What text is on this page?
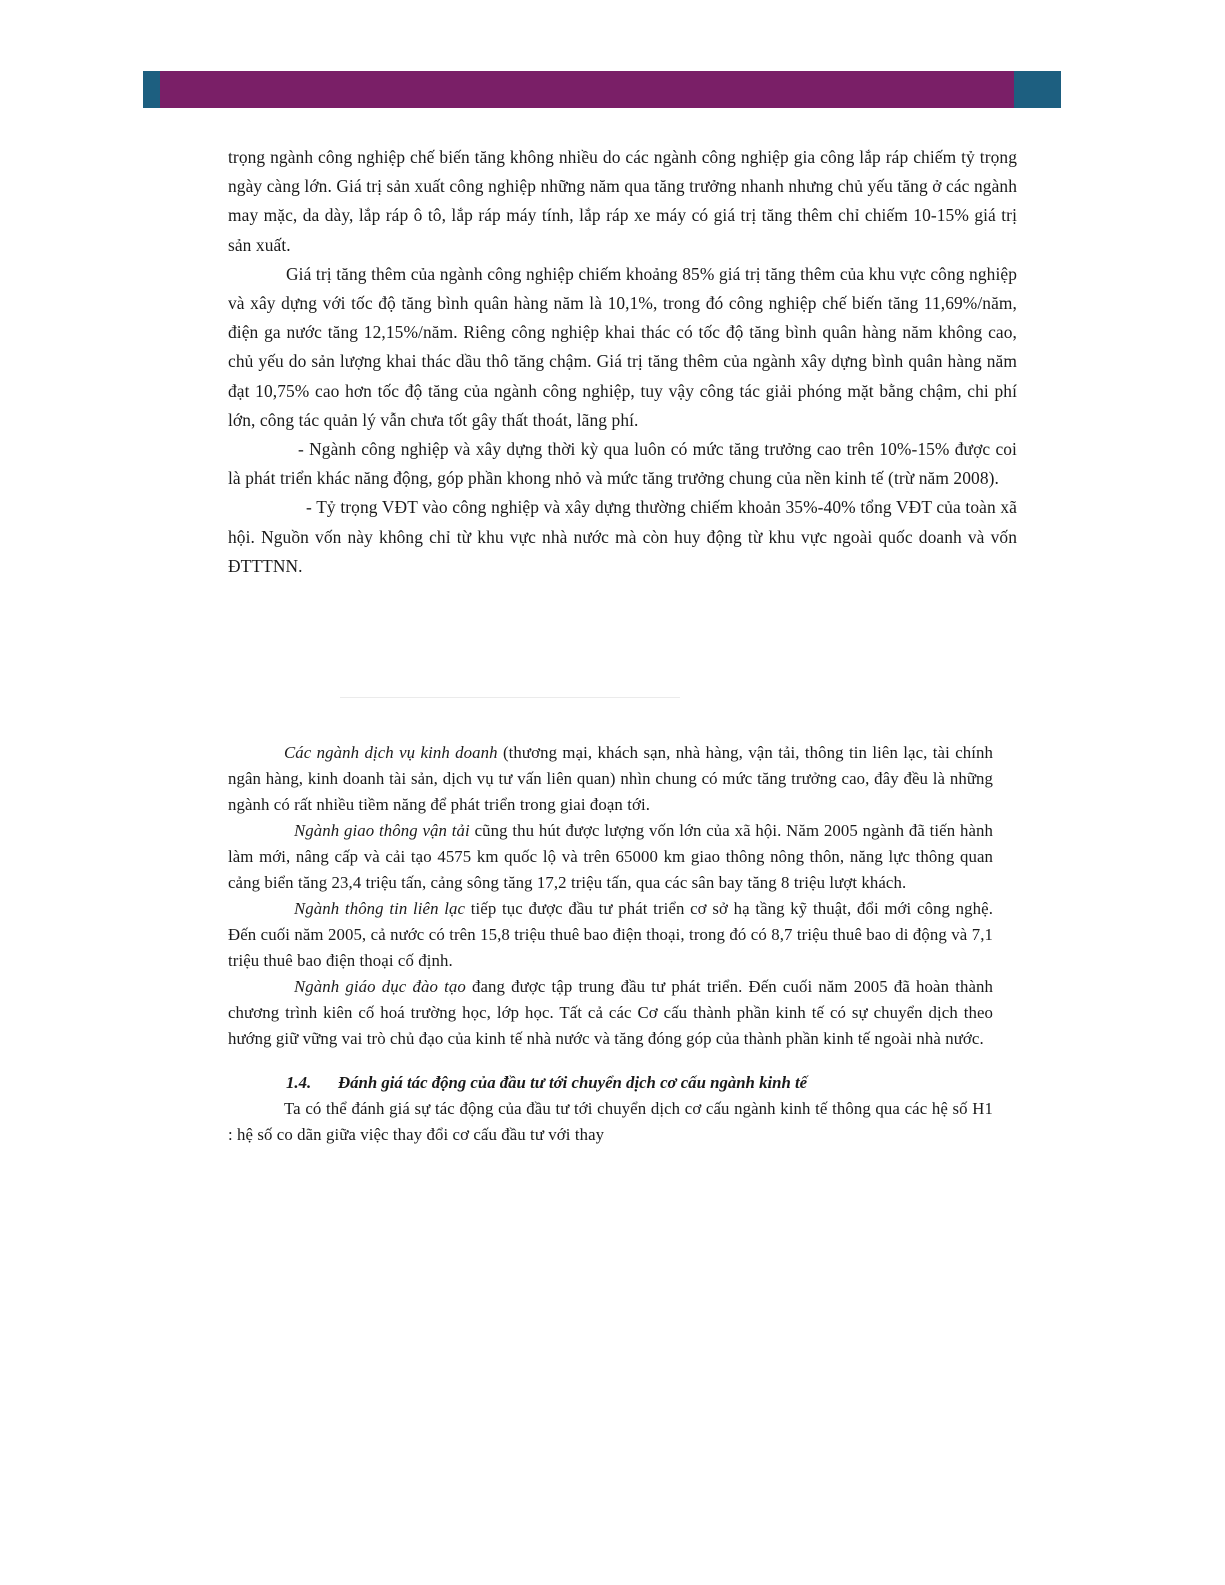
trọng ngành công nghiệp chế biến tăng không nhiều do các ngành công nghiệp gia công lắp ráp chiếm tỷ trọng ngày càng lớn. Giá trị sản xuất công nghiệp những năm qua tăng trưởng nhanh nhưng chủ yếu tăng ở các ngành may mặc, da dày, lắp ráp ô tô, lắp ráp máy tính, lắp ráp xe máy có giá trị tăng thêm chỉ chiếm 10-15% giá trị sản xuất.

Giá trị tăng thêm của ngành công nghiệp chiếm khoảng 85% giá trị tăng thêm của khu vực công nghiệp và xây dựng với tốc độ tăng bình quân hàng năm là 10,1%, trong đó công nghiệp chế biến tăng 11,69%/năm, điện ga nước tăng 12,15%/năm. Riêng công nghiệp khai thác có tốc độ tăng bình quân hàng năm không cao, chủ yếu do sản lượng khai thác dầu thô tăng chậm. Giá trị tăng thêm của ngành xây dựng bình quân hàng năm đạt 10,75% cao hơn tốc độ tăng của ngành công nghiệp, tuy vậy công tác giải phóng mặt bằng chậm, chi phí lớn, công tác quản lý vẫn chưa tốt gây thất thoát, lãng phí.

- Ngành công nghiệp và xây dựng thời kỳ qua luôn có mức tăng trưởng cao trên 10%-15% được coi là phát triển khác năng động, góp phần khong nhỏ và mức tăng trưởng chung của nền kinh tế (trừ năm 2008).

- Tỷ trọng VĐT vào công nghiệp và xây dựng thường chiếm khoản 35%-40% tổng VĐT của toàn xã hội. Nguồn vốn này không chỉ từ khu vực nhà nước mà còn huy động từ khu vực ngoài quốc doanh và vốn ĐTTTNN.

Các ngành dịch vụ kinh doanh (thương mại, khách sạn, nhà hàng, vận tải, thông tin liên lạc, tài chính ngân hàng, kinh doanh tài sản, dịch vụ tư vấn liên quan) nhìn chung có mức tăng trưởng cao, đây đều là những ngành có rất nhiều tiềm năng để phát triển trong giai đoạn tới.

Ngành giao thông vận tải cũng thu hút được lượng vốn lớn của xã hội. Năm 2005 ngành đã tiến hành làm mới, nâng cấp và cải tạo 4575 km quốc lộ và trên 65000 km giao thông nông thôn, năng lực thông quan cảng biển tăng 23,4 triệu tấn, cảng sông tăng 17,2 triệu tấn, qua các sân bay tăng 8 triệu lượt khách.

Ngành thông tin liên lạc tiếp tục được đầu tư phát triển cơ sở hạ tầng kỹ thuật, đổi mới công nghệ. Đến cuối năm 2005, cả nước có trên 15,8 triệu thuê bao điện thoại, trong đó có 8,7 triệu thuê bao di động và 7,1 triệu thuê bao điện thoại cố định.

Ngành giáo dục đào tạo đang được tập trung đầu tư phát triển. Đến cuối năm 2005 đã hoàn thành chương trình kiên cố hoá trường học, lớp học. Tất cả các Cơ cấu thành phần kinh tế có sự chuyển dịch theo hướng giữ vững vai trò chủ đạo của kinh tế nhà nước và tăng đóng góp của thành phần kinh tế ngoài nhà nước.

1.4. Đánh giá tác động của đầu tư tới chuyển dịch cơ cấu ngành kinh tế

Ta có thể đánh giá sự tác động của đầu tư tới chuyển dịch cơ cấu ngành kinh tế thông qua các hệ số H1 : hệ số co dãn giữa việc thay đổi cơ cấu đầu tư với thay
